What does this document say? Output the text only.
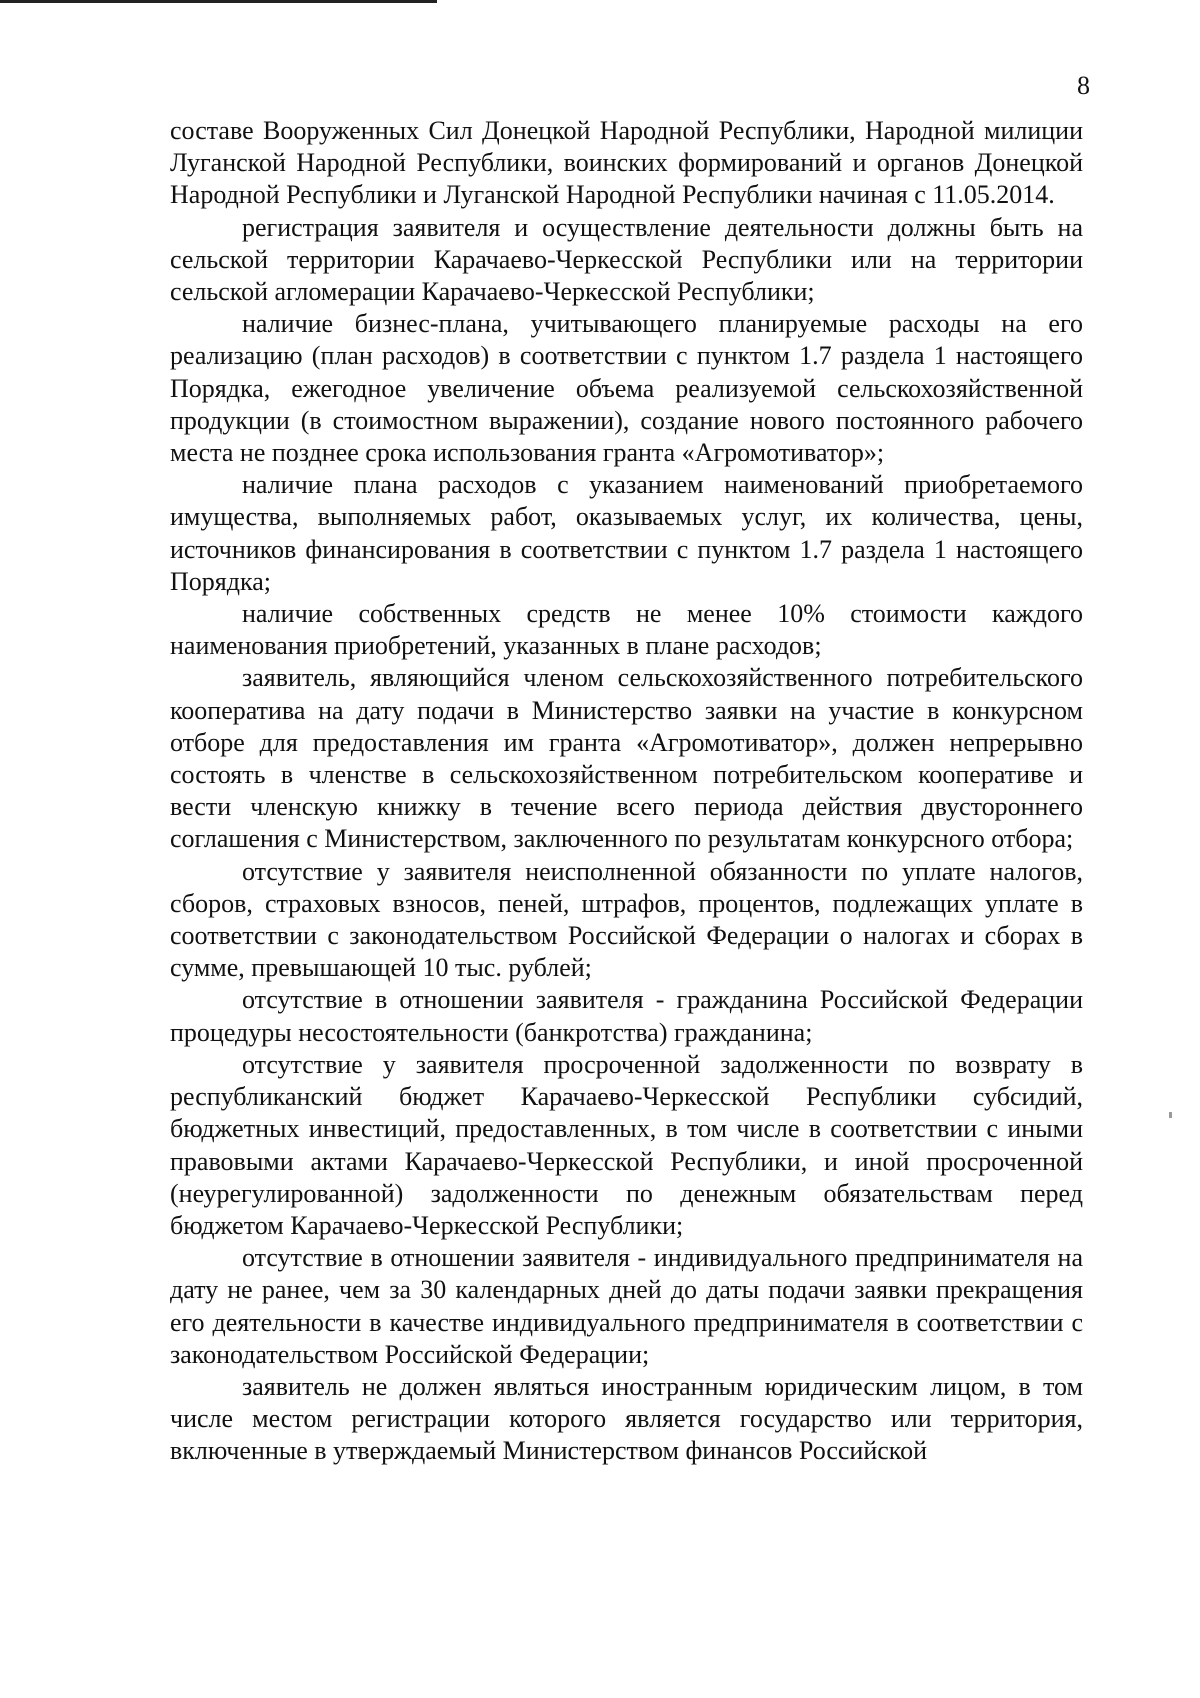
8

составе Вооруженных Сил Донецкой Народной Республики, Народной милиции Луганской Народной Республики, воинских формирований и органов Донецкой Народной Республики и Луганской Народной Республики начиная с 11.05.2014.

регистрация заявителя и осуществление деятельности должны быть на сельской территории Карачаево-Черкесской Республики или на территории сельской агломерации Карачаево-Черкесской Республики;

наличие бизнес-плана, учитывающего планируемые расходы на его реализацию (план расходов) в соответствии с пунктом 1.7 раздела 1 настоящего Порядка, ежегодное увеличение объема реализуемой сельскохозяйственной продукции (в стоимостном выражении), создание нового постоянного рабочего места не позднее срока использования гранта «Агромотиватор»;

наличие плана расходов с указанием наименований приобретаемого имущества, выполняемых работ, оказываемых услуг, их количества, цены, источников финансирования в соответствии с пунктом 1.7 раздела 1 настоящего Порядка;

наличие собственных средств не менее 10% стоимости каждого наименования приобретений, указанных в плане расходов;

заявитель, являющийся членом сельскохозяйственного потребительского кооператива на дату подачи в Министерство заявки на участие в конкурсном отборе для предоставления им гранта «Агромотиватор», должен непрерывно состоять в членстве в сельскохозяйственном потребительском кооперативе и вести членскую книжку в течение всего периода действия двустороннего соглашения с Министерством, заключенного по результатам конкурсного отбора;

отсутствие у заявителя неисполненной обязанности по уплате налогов, сборов, страховых взносов, пеней, штрафов, процентов, подлежащих уплате в соответствии с законодательством Российской Федерации о налогах и сборах в сумме, превышающей 10 тыс. рублей;

отсутствие в отношении заявителя - гражданина Российской Федерации процедуры несостоятельности (банкротства) гражданина;

отсутствие у заявителя просроченной задолженности по возврату в республиканский бюджет Карачаево-Черкесской Республики субсидий, бюджетных инвестиций, предоставленных, в том числе в соответствии с иными правовыми актами Карачаево-Черкесской Республики, и иной просроченной (неурегулированной) задолженности по денежным обязательствам перед бюджетом Карачаево-Черкесской Республики;

отсутствие в отношении заявителя - индивидуального предпринимателя на дату не ранее, чем за 30 календарных дней до даты подачи заявки прекращения его деятельности в качестве индивидуального предпринимателя в соответствии с законодательством Российской Федерации;

заявитель не должен являться иностранным юридическим лицом, в том числе местом регистрации которого является государство или территория, включенные в утверждаемый Министерством финансов Российской
